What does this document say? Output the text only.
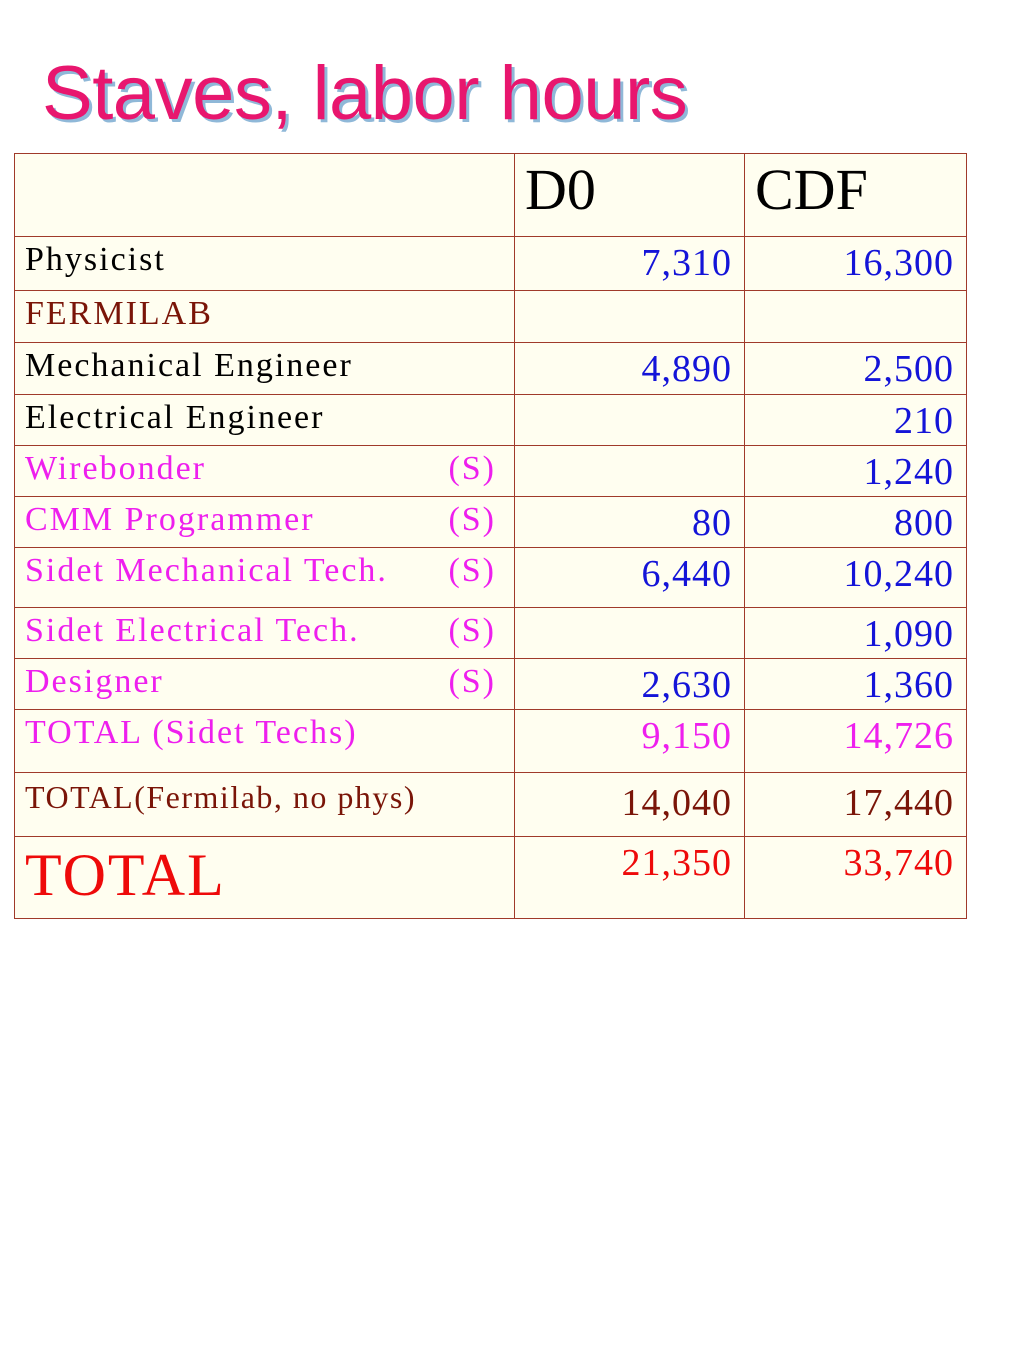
Staves, labor hours
	D0	CDF
Physicist	7,310	16,300
FERMILAB		
Mechanical Engineer	4,890	2,500
Electrical Engineer		210
Wirebonder (S)		1,240
CMM Programmer (S)	80	800
Sidet Mechanical Tech. (S)	6,440	10,240
Sidet Electrical Tech. (S)		1,090
Designer (S)	2,630	1,360
TOTAL (Sidet Techs)	9,150	14,726
TOTAL(Fermilab, no phys)	14,040	17,440
TOTAL	21,350	33,740
